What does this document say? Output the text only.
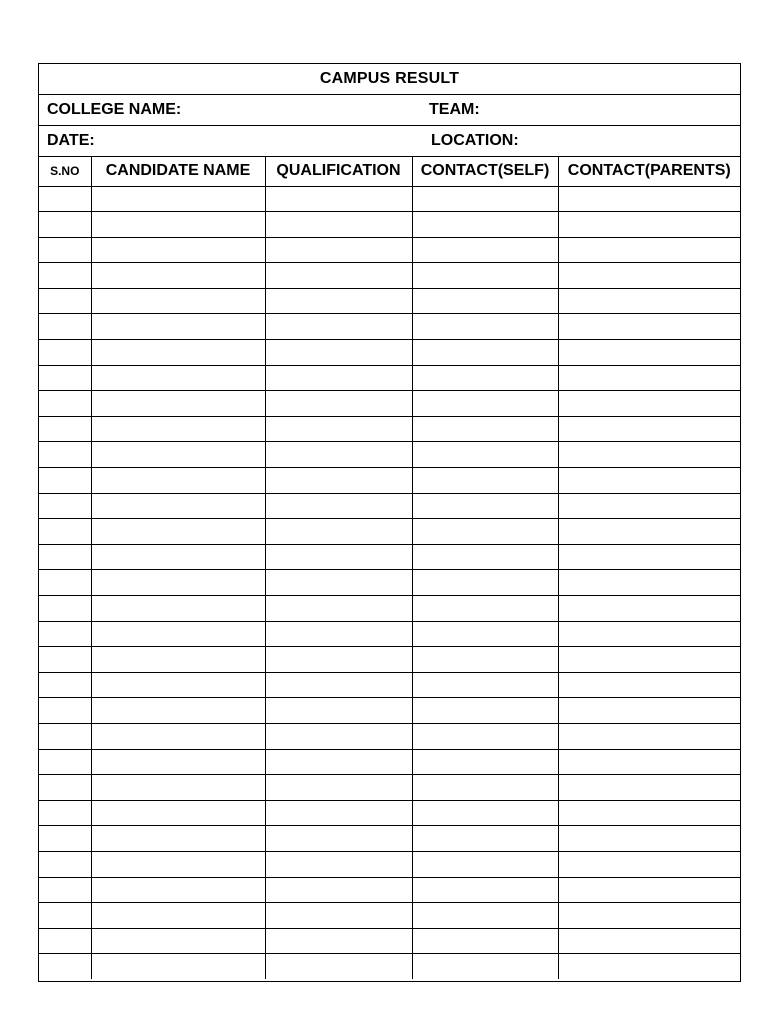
CAMPUS RESULT
COLLEGE NAME:	TEAM:
DATE:	LOCATION:
S.NO	CANDIDATE NAME	QUALIFICATION	CONTACT(SELF)	CONTACT(PARENTS)
